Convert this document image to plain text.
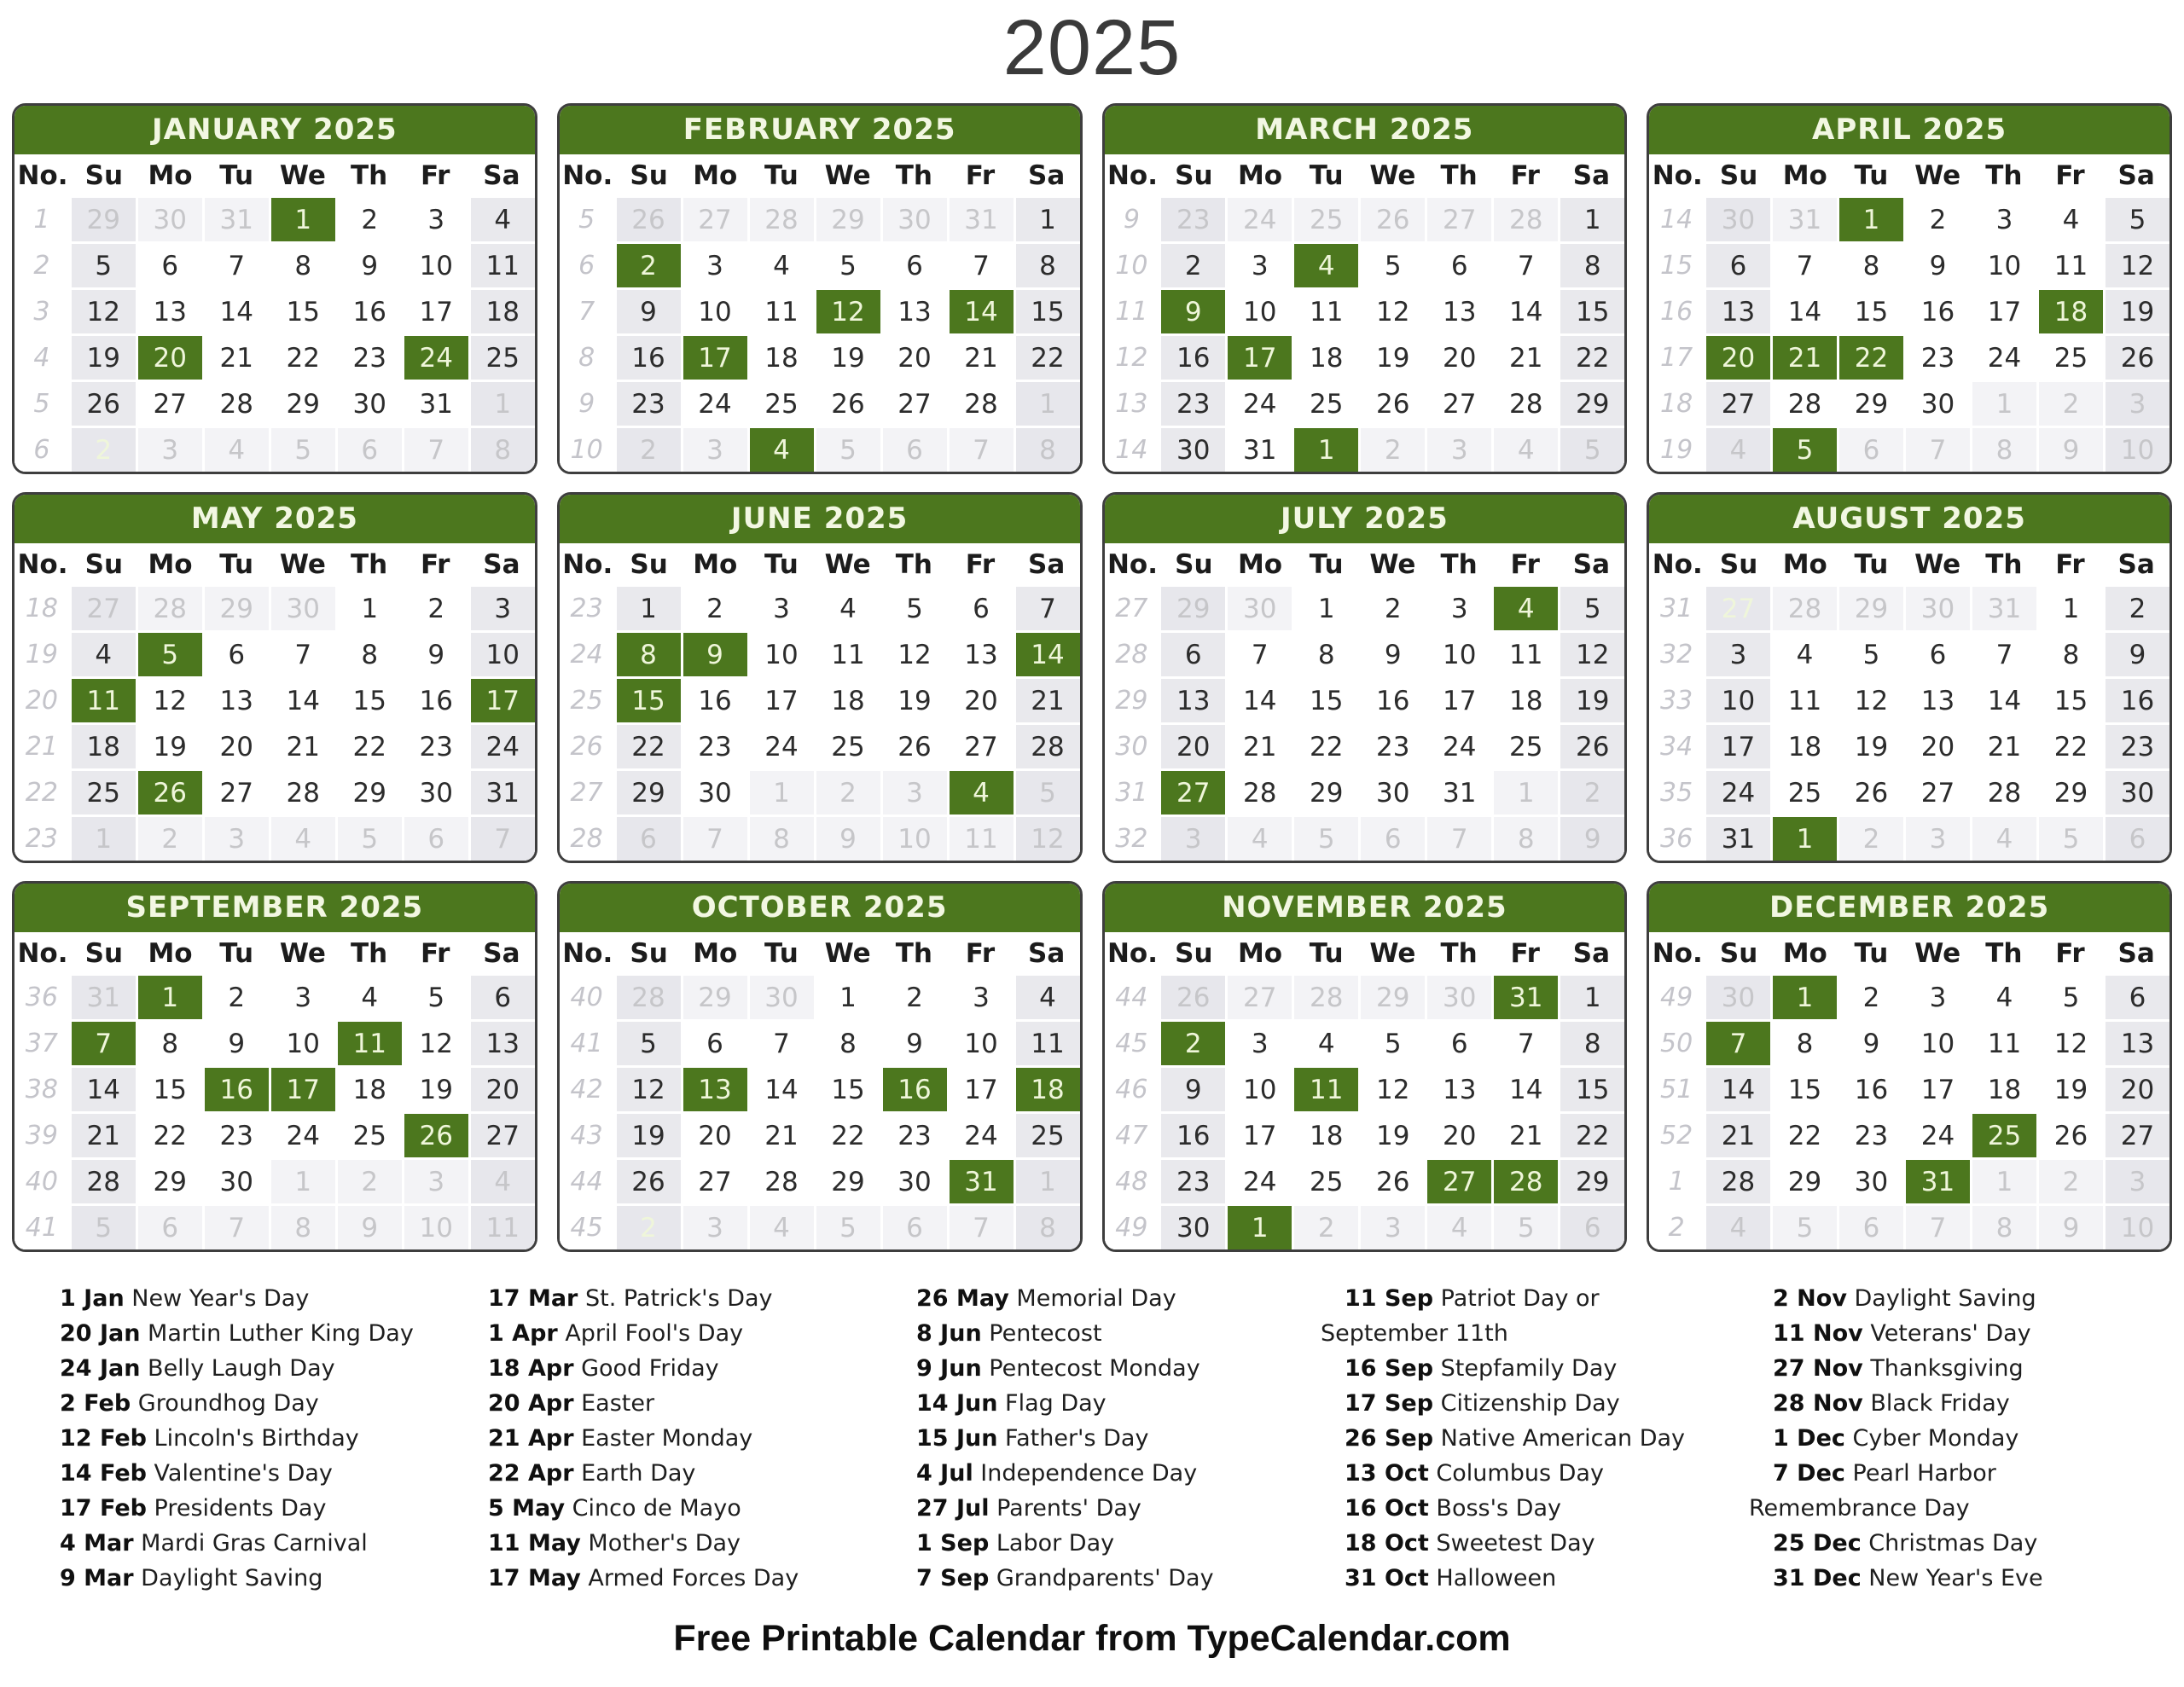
2025
JANUARY 2025
No. Su Mo	Tu We Th	Fr	Sa
1	29	30	31	1	2	3	4
2	5	6	7	8	9	10	11
3	12	13	14	15	16	17	18
4	19	20	21	22	23	24	25
5	26	27	28	29	30	31	1
6	2	3	4	5	6	7	8
FEBRUARY 2025
No. Su Mo	Tu We Th	Fr	Sa
5	26	27	28	29	30	31	1
6	2	3	4	5	6	7	8
7	9	10	11	12	13	14	15
8	16	17	18	19	20	21	22
9	23	24	25	26	27	28	1
10	2	3	4	5	6	7	8
MARCH 2025
No. Su Mo	Tu We Th	Fr	Sa
9	23	24	25	26	27	28	1
10	2	3	4	5	6	7	8
11	9	10	11	12	13	14	15
12	16	17	18	19	20	21	22
13	23	24	25	26	27	28	29
14	30	31	1	2	3	4	5
APRIL 2025
No. Su Mo	Tu We Th	Fr	Sa
14	30	31	1	2	3	4	5
15	6	7	8	9	10	11	12
16	13	14	15	16	17	18	19
17	20	21	22	23	24	25	26
18	27	28	29	30	1	2	3
19	4	5	6	7	8	9	10
MAY 2025
No. Su Mo	Tu We Th	Fr	Sa
18	27	28	29	30	1	2	3
19	4	5	6	7	8	9	10
20	11	12	13	14	15	16	17
21	18	19	20	21	22	23	24
22	25	26	27	28	29	30	31
23	1	2	3	4	5	6	7
JUNE 2025
No. Su Mo	Tu We Th	Fr	Sa
23	1	2	3	4	5	6	7
24	8	9	10	11	12	13	14
25	15	16	17	18	19	20	21
26	22	23	24	25	26	27	28
27	29	30	1	2	3	4	5
28	6	7	8	9	10	11	12
JULY 2025
No. Su Mo	Tu We Th	Fr	Sa
27	29	30	1	2	3	4	5
28	6	7	8	9	10	11	12
29	13	14	15	16	17	18	19
30	20	21	22	23	24	25	26
31	27	28	29	30	31	1	2
32	3	4	5	6	7	8	9
AUGUST 2025
No. Su Mo	Tu We Th	Fr	Sa
31	27	28	29	30	31	1	2
32	3	4	5	6	7	8	9
33	10	11	12	13	14	15	16
34	17	18	19	20	21	22	23
35	24	25	26	27	28	29	30
36	31	1	2	3	4	5	6
SEPTEMBER 2025
No. Su Mo	Tu We Th	Fr	Sa
36	31	1	2	3	4	5	6
37	7	8	9	10	11	12	13
38	14	15	16	17	18	19	20
39	21	22	23	24	25	26	27
40	28	29	30	1	2	3	4
41	5	6	7	8	9	10	11
OCTOBER 2025
No. Su Mo	Tu We Th	Fr	Sa
40	28	29	30	1	2	3	4
41	5	6	7	8	9	10	11
42	12	13	14	15	16	17	18
43	19	20	21	22	23	24	25
44	26	27	28	29	30	31	1
45	2	3	4	5	6	7	8
NOVEMBER 2025
No. Su Mo	Tu We Th	Fr	Sa
44	26	27	28	29	30	31	1
45	2	3	4	5	6	7	8
46	9	10	11	12	13	14	15
47	16	17	18	19	20	21	22
48	23	24	25	26	27	28	29
49	30	1	2	3	4	5	6
DECEMBER 2025
No. Su Mo	Tu We Th	Fr	Sa
49	30	1	2	3	4	5	6
50	7	8	9	10	11	12	13
51	14	15	16	17	18	19	20
52	21	22	23	24	25	26	27
1	28	29	30	31	1	2	3
2	4	5	6	7	8	9	10

1 Jan New Year's Day

20 Jan Martin Luther King Day

24 Jan Belly Laugh Day

2 Feb Groundhog Day

12 Feb Lincoln's Birthday

14 Feb Valentine's Day

17 Feb Presidents Day

4 Mar Mardi Gras Carnival

9 Mar Daylight Saving

17 Mar St. Patrick's Day

1 Apr April Fool's Day

18 Apr Good Friday

20 Apr Easter

21 Apr Easter Monday

22 Apr Earth Day

5 May Cinco de Mayo

11 May Mother's Day

17 May Armed Forces Day

26 May Memorial Day

8 Jun Pentecost

9 Jun Pentecost Monday

14 Jun Flag Day

15 Jun Father's Day

4 Jul Independence Day

27 Jul Parents' Day

1 Sep Labor Day

7 Sep Grandparents' Day

11 Sep Patriot Day or September 11th

16 Sep Stepfamily Day

17 Sep Citizenship Day

26 Sep Native American Day

13 Oct Columbus Day

16 Oct Boss's Day

18 Oct Sweetest Day

31 Oct Halloween

2 Nov Daylight Saving

11 Nov Veterans' Day

27 Nov Thanksgiving

28 Nov Black Friday

1 Dec Cyber Monday

7 Dec Pearl Harbor Remembrance Day

25 Dec Christmas Day

31 Dec New Year's Eve

Free Printable Calendar from TypeCalendar.com
